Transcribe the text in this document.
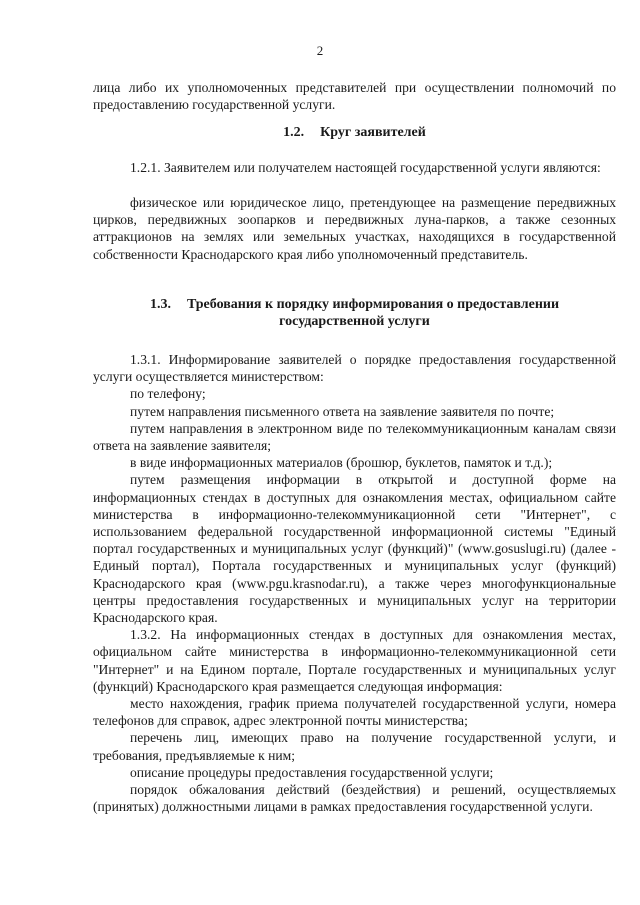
2
лица либо их уполномоченных представителей при осуществлении полномочий по предоставлению государственной услуги.
1.2. Круг заявителей
1.2.1. Заявителем или получателем настоящей государственной услуги являются:
физическое или юридическое лицо, претендующее на размещение передвижных цирков, передвижных зоопарков и передвижных луна-парков, а также сезонных аттракционов на землях или земельных участках, находящихся в государственной собственности Краснодарского края либо уполномоченный представитель.
1.3. Требования к порядку информирования о предоставлении
государственной услуги
1.3.1. Информирование заявителей о порядке предоставления государственной услуги осуществляется министерством:
по телефону;
путем направления письменного ответа на заявление заявителя по почте;
путем направления в электронном виде по телекоммуникационным каналам связи ответа на заявление заявителя;
в виде информационных материалов (брошюр, буклетов, памяток и т.д.);
путем размещения информации в открытой и доступной форме на информационных стендах в доступных для ознакомления местах, официальном сайте министерства в информационно-телекоммуникационной сети "Интернет", с использованием федеральной государственной информационной системы "Единый портал государственных и муниципальных услуг (функций)" (www.gosuslugi.ru) (далее - Единый портал), Портала государственных и муниципальных услуг (функций) Краснодарского края (www.pgu.krasnodar.ru), а также через многофункциональные центры предоставления государственных и муниципальных услуг на территории Краснодарского края.
1.3.2. На информационных стендах в доступных для ознакомления местах, официальном сайте министерства в информационно-телекоммуникационной сети "Интернет" и на Едином портале, Портале государственных и муниципальных услуг (функций) Краснодарского края размещается следующая информация:
место нахождения, график приема получателей государственной услуги, номера телефонов для справок, адрес электронной почты министерства;
перечень лиц, имеющих право на получение государственной услуги, и требования, предъявляемые к ним;
описание процедуры предоставления государственной услуги;
порядок обжалования действий (бездействия) и решений, осуществляемых (принятых) должностными лицами в рамках предоставления государственной услуги.
